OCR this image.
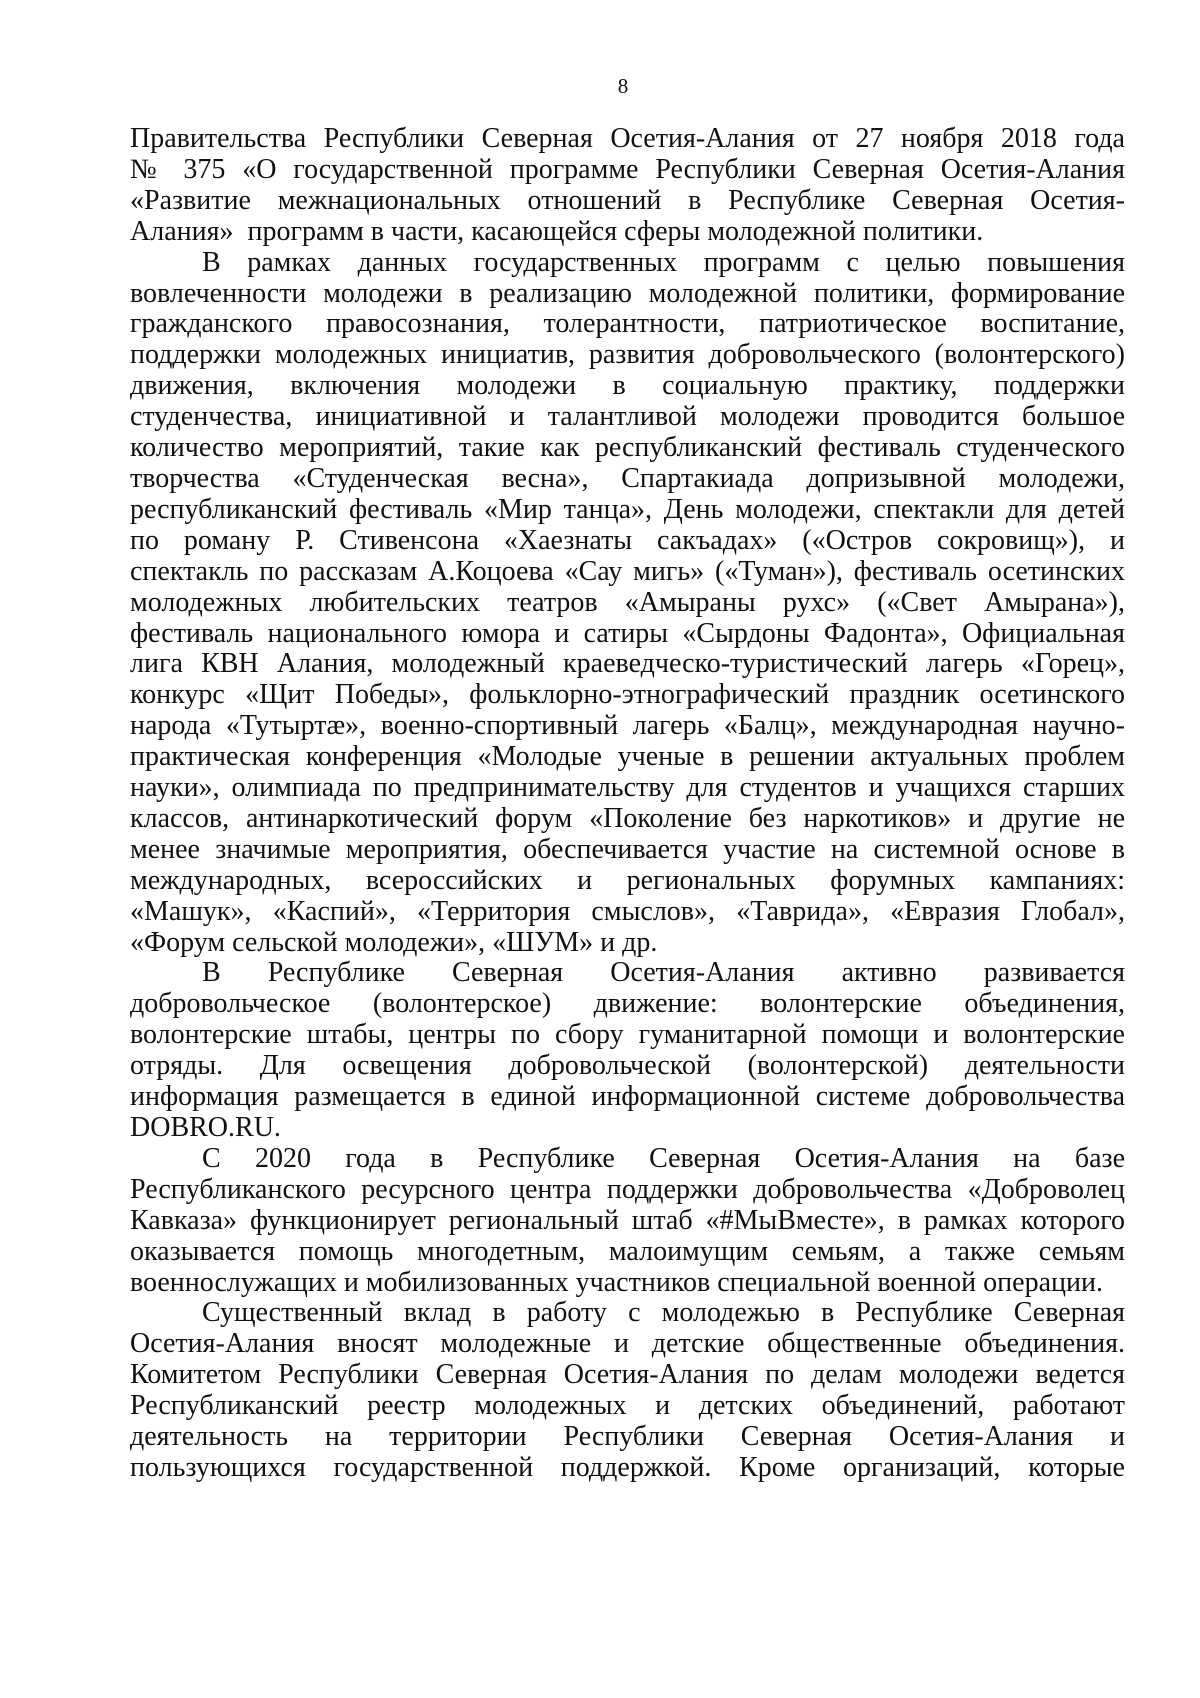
8
Правительства Республики Северная Осетия-Алания от 27 ноября 2018 года
№ 375 «О государственной программе Республики Северная Осетия-Алания
«Развитие межнациональных отношений в Республике Северная Осетия-
Алания»  программ в части, касающейся сферы молодежной политики.
В рамках данных государственных программ с целью повышения
вовлеченности молодежи в реализацию молодежной политики, формирование
гражданского правосознания, толерантности, патриотическое воспитание,
поддержки молодежных инициатив, развития добровольческого (волонтерского)
движения, включения молодежи в социальную практику, поддержки
студенчества, инициативной и талантливой молодежи проводится большое
количество мероприятий, такие как республиканский фестиваль студенческого
творчества «Студенческая весна», Спартакиада допризывной молодежи,
республиканский фестиваль «Мир танца», День молодежи, спектакли для детей
по роману Р. Стивенсона «Хаезнаты сакъадах» («Остров сокровищ»), и
спектакль по рассказам А.Коцоева «Сау мигь» («Туман»), фестиваль осетинских
молодежных любительских театров «Амыраны рухс» («Свет Амырана»),
фестиваль национального юмора и сатиры «Сырдоны Фадонта», Официальная
лига КВН Алания, молодежный краеведческо-туристический лагерь «Горец»,
конкурс «Щит Победы», фольклорно-этнографический праздник осетинского
народа «Тутыртæ», военно-спортивный лагерь «Балц», международная научно-
практическая конференция «Молодые ученые в решении актуальных проблем
науки», олимпиада по предпринимательству для студентов и учащихся старших
классов, антинаркотический форум «Поколение без наркотиков» и другие не
менее значимые мероприятия, обеспечивается участие на системной основе в
международных, всероссийских и региональных форумных кампаниях:
«Машук», «Каспий», «Территория смыслов», «Таврида», «Евразия Глобал»,
«Форум сельской молодежи», «ШУМ» и др.
В Республике Северная Осетия-Алания активно развивается
добровольческое (волонтерское) движение: волонтерские объединения,
волонтерские штабы, центры по сбору гуманитарной помощи и волонтерские
отряды. Для освещения добровольческой (волонтерской) деятельности
информация размещается в единой информационной системе добровольчества
DOBRO.RU.
С 2020 года в Республике Северная Осетия-Алания на базе
Республиканского ресурсного центра поддержки добровольчества «Доброволец
Кавказа» функционирует региональный штаб «#МыВместе», в рамках которого
оказывается помощь многодетным, малоимущим семьям, а также семьям
военнослужащих и мобилизованных участников специальной военной операции.
Существенный вклад в работу с молодежью в Республике Северная
Осетия-Алания вносят молодежные и детские общественные объединения.
Комитетом Республики Северная Осетия-Алания по делам молодежи ведется
Республиканский реестр молодежных и детских объединений, работают
деятельность на территории Республики Северная Осетия-Алания и
пользующихся государственной поддержкой. Кроме организаций, которые
